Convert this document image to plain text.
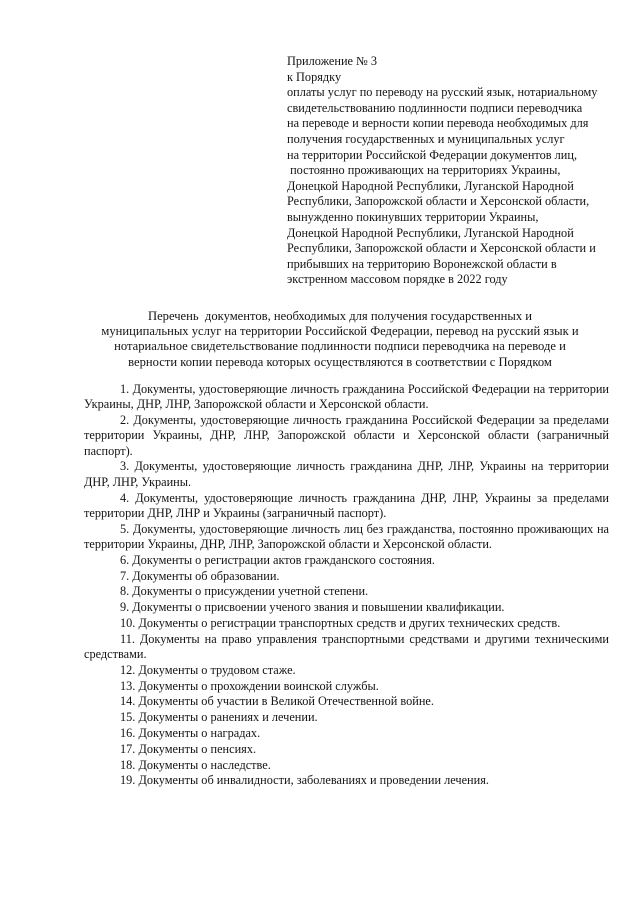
Приложение № 3
к Порядку
оплаты услуг по переводу на русский язык, нотариальному
свидетельствованию подлинности подписи переводчика
на переводе и верности копии перевода необходимых для
получения государственных и муниципальных услуг
на территории Российской Федерации документов лиц,
постоянно проживающих на территориях Украины,
Донецкой Народной Республики, Луганской Народной
Республики, Запорожской области и Херсонской области,
вынужденно покинувших территории Украины,
Донецкой Народной Республики, Луганской Народной
Республики, Запорожской области и Херсонской области и
прибывших на территорию Воронежской области в
экстренном массовом порядке в 2022 году
Перечень  документов, необходимых для получения государственных и
муниципальных услуг на территории Российской Федерации, перевод на русский язык и
нотариальное свидетельствование подлинности подписи переводчика на переводе и
верности копии перевода которых осуществляются в соответствии с Порядком

1. Документы, удостоверяющие личность гражданина Российской Федерации на территории Украины, ДНР, ЛНР, Запорожской области и Херсонской области.

2. Документы, удостоверяющие личность гражданина Российской Федерации за пределами территории Украины, ДНР, ЛНР, Запорожской области и Херсонской области (заграничный паспорт).

3. Документы, удостоверяющие личность гражданина ДНР, ЛНР, Украины на территории ДНР, ЛНР, Украины.

4. Документы, удостоверяющие личность гражданина ДНР, ЛНР, Украины за пределами территории ДНР, ЛНР и Украины (заграничный паспорт).

5. Документы, удостоверяющие личность лиц без гражданства, постоянно проживающих на территории Украины, ДНР, ЛНР, Запорожской области и Херсонской области.

6. Документы о регистрации актов гражданского состояния.

7. Документы об образовании.

8. Документы о присуждении учетной степени.

9. Документы о присвоении ученого звания и повышении квалификации.

10. Документы о регистрации транспортных средств и других технических средств.

11. Документы на право управления транспортными средствами и другими техническими средствами.

12. Документы о трудовом стаже.

13. Документы о прохождении воинской службы.

14. Документы об участии в Великой Отечественной войне.

15. Документы о ранениях и лечении.

16. Документы о наградах.

17. Документы о пенсиях.

18. Документы о наследстве.

19. Документы об инвалидности, заболеваниях и проведении лечения.
